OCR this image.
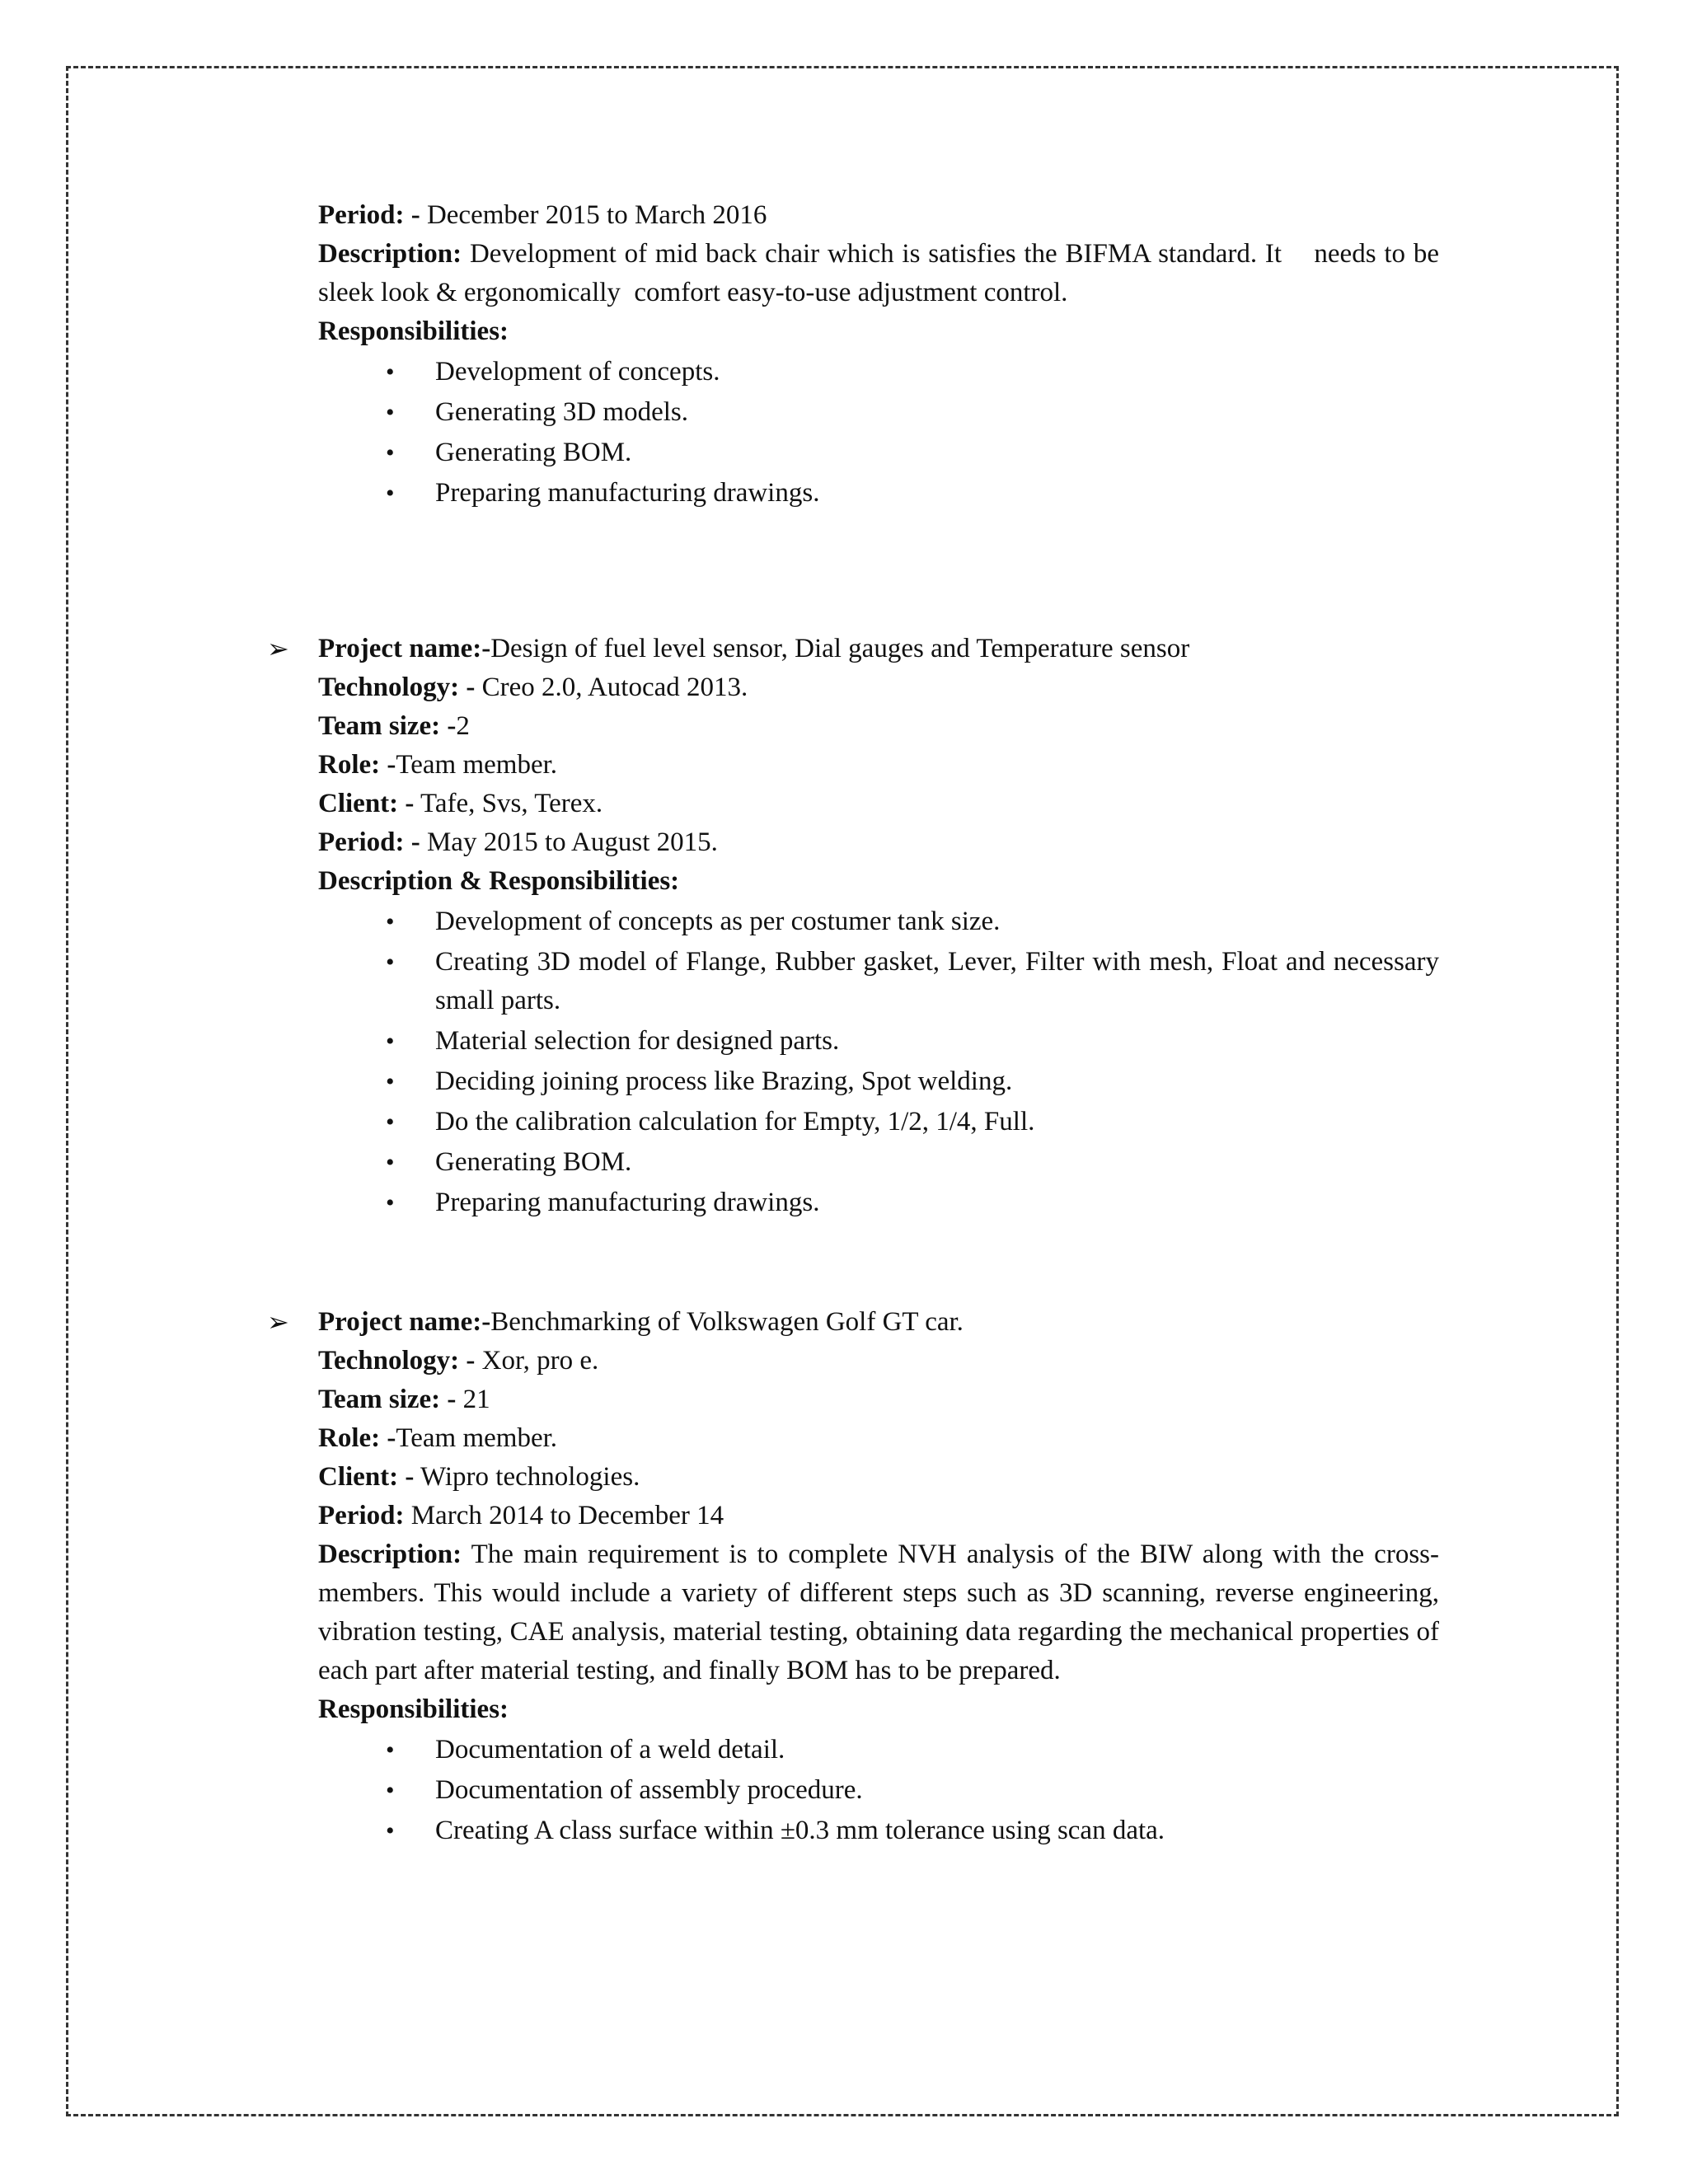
Period: - December 2015 to March 2016

Description: Development of mid back chair which is satisfies the BIFMA standard. It    needs to be sleek look & ergonomically  comfort easy-to-use adjustment control.

Responsibilities:

• Development of concepts.
• Generating 3D models.
• Generating BOM.
• Preparing manufacturing drawings.
➢ Project name:-Design of fuel level sensor, Dial gauges and Temperature sensor

Technology: - Creo 2.0, Autocad 2013.

Team size: -2

Role: -Team member.

Client: - Tafe, Svs, Terex.

Period: - May 2015 to August 2015.

Description & Responsibilities:

• Development of concepts as per costumer tank size.
• Creating 3D model of Flange, Rubber gasket, Lever, Filter with mesh, Float and necessary small parts.
• Material selection for designed parts.
• Deciding joining process like Brazing, Spot welding.
• Do the calibration calculation for Empty, 1/2, 1/4, Full.
• Generating BOM.
• Preparing manufacturing drawings.
➢ Project name:-Benchmarking of Volkswagen Golf GT car.

Technology: - Xor, pro e.

Team size: - 21

Role: -Team member.

Client: - Wipro technologies.

Period: March 2014 to December 14

Description: The main requirement is to complete NVH analysis of the BIW along with the cross-members. This would include a variety of different steps such as 3D scanning, reverse engineering, vibration testing, CAE analysis, material testing, obtaining data regarding the mechanical properties of each part after material testing, and finally BOM has to be prepared.

Responsibilities:

• Documentation of a weld detail.
• Documentation of assembly procedure.
• Creating A class surface within ±0.3 mm tolerance using scan data.
